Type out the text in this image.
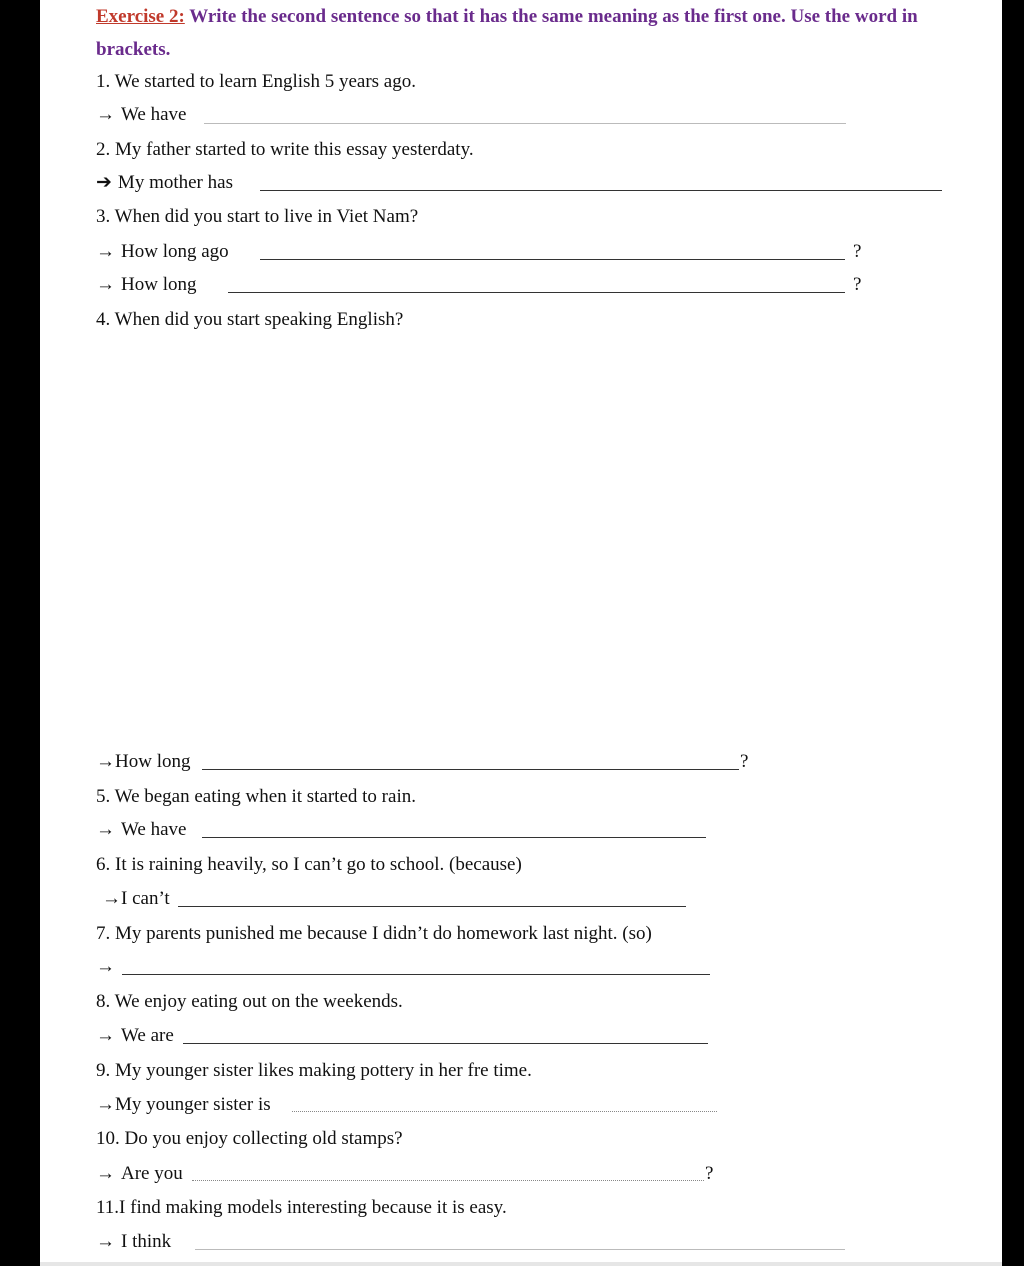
Exercise 2: Write the second sentence so that it has the same meaning as the first one. Use the word in brackets.
1. We started to learn English 5 years ago.
→ We have
2. My father started to write this essay yesterdaty.
➔ My mother has
3. When did you start to live in Viet Nam?
→ How long ago	?
→ How long	?
4. When did you start speaking English?
→How long	?
5. We began eating when it started to rain.
→ We have
6. It is raining heavily, so I can’t go to school. (because)
→I can’t
7. My parents punished me because I didn’t do homework last night. (so)
→
8. We enjoy eating out on the weekends.
→ We are
9. My younger sister likes making pottery in her fre time.
→My younger sister is
10. Do you enjoy collecting old stamps?
→ Are you	?
11.I find making models interesting because it is easy.
→ I think
